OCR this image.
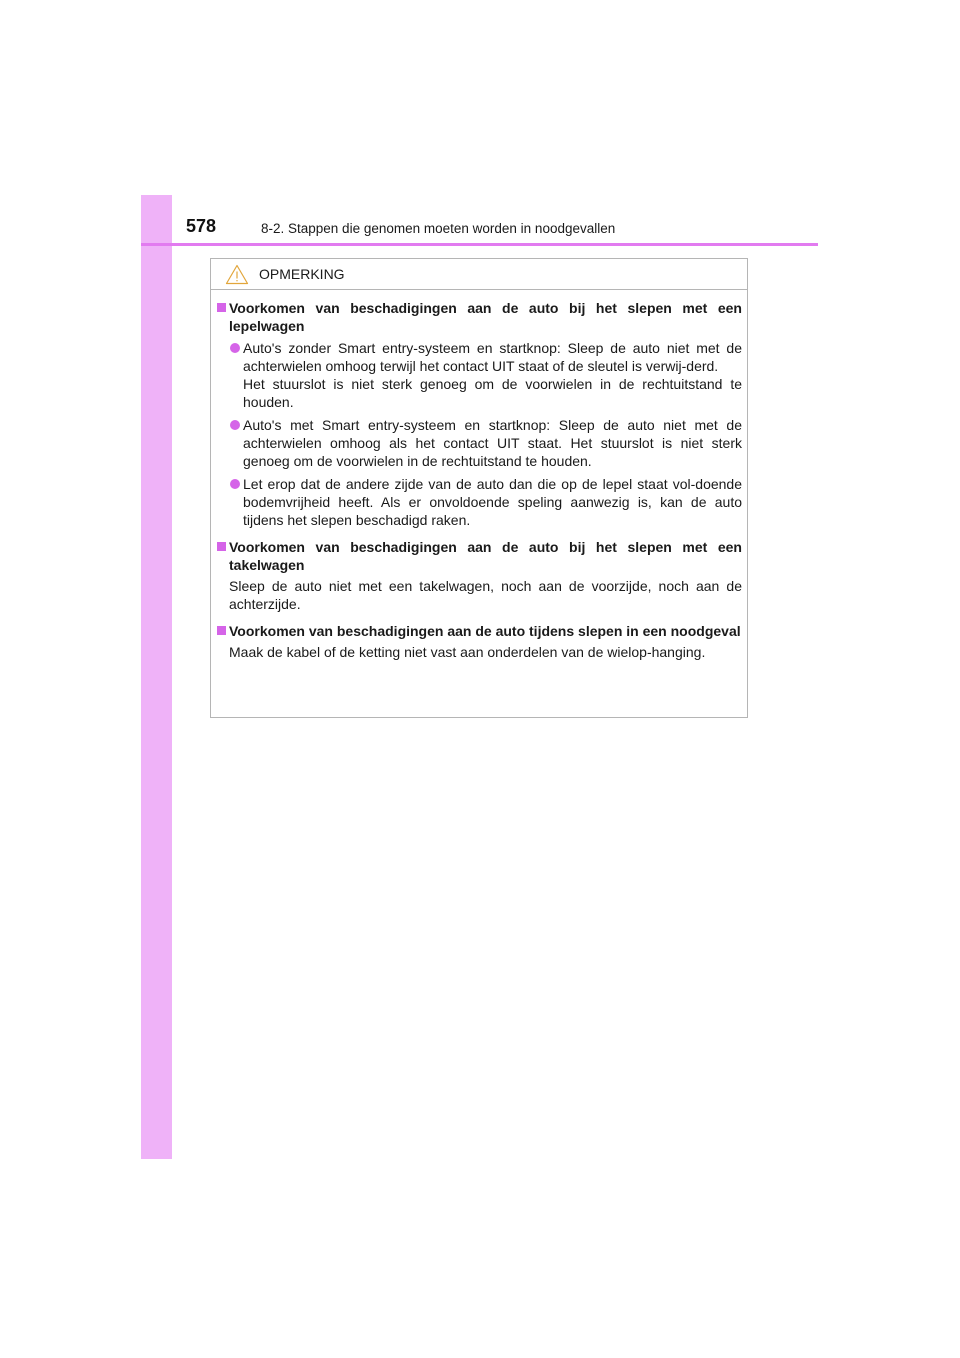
578	8-2. Stappen die genomen moeten worden in noodgevallen
OPMERKING
Voorkomen van beschadigingen aan de auto bij het slepen met een lepelwagen
Auto's zonder Smart entry-systeem en startknop: Sleep de auto niet met de achterwielen omhoog terwijl het contact UIT staat of de sleutel is verwij-derd.
Het stuurslot is niet sterk genoeg om de voorwielen in de rechtuitstand te houden.
Auto's met Smart entry-systeem en startknop: Sleep de auto niet met de achterwielen omhoog als het contact UIT staat. Het stuurslot is niet sterk genoeg om de voorwielen in de rechtuitstand te houden.
Let erop dat de andere zijde van de auto dan die op de lepel staat vol-doende bodemvrijheid heeft. Als er onvoldoende speling aanwezig is, kan de auto tijdens het slepen beschadigd raken.
Voorkomen van beschadigingen aan de auto bij het slepen met een takelwagen
Sleep de auto niet met een takelwagen, noch aan de voorzijde, noch aan de achterzijde.
Voorkomen van beschadigingen aan de auto tijdens slepen in een noodgeval
Maak de kabel of de ketting niet vast aan onderdelen van de wielop-hanging.
